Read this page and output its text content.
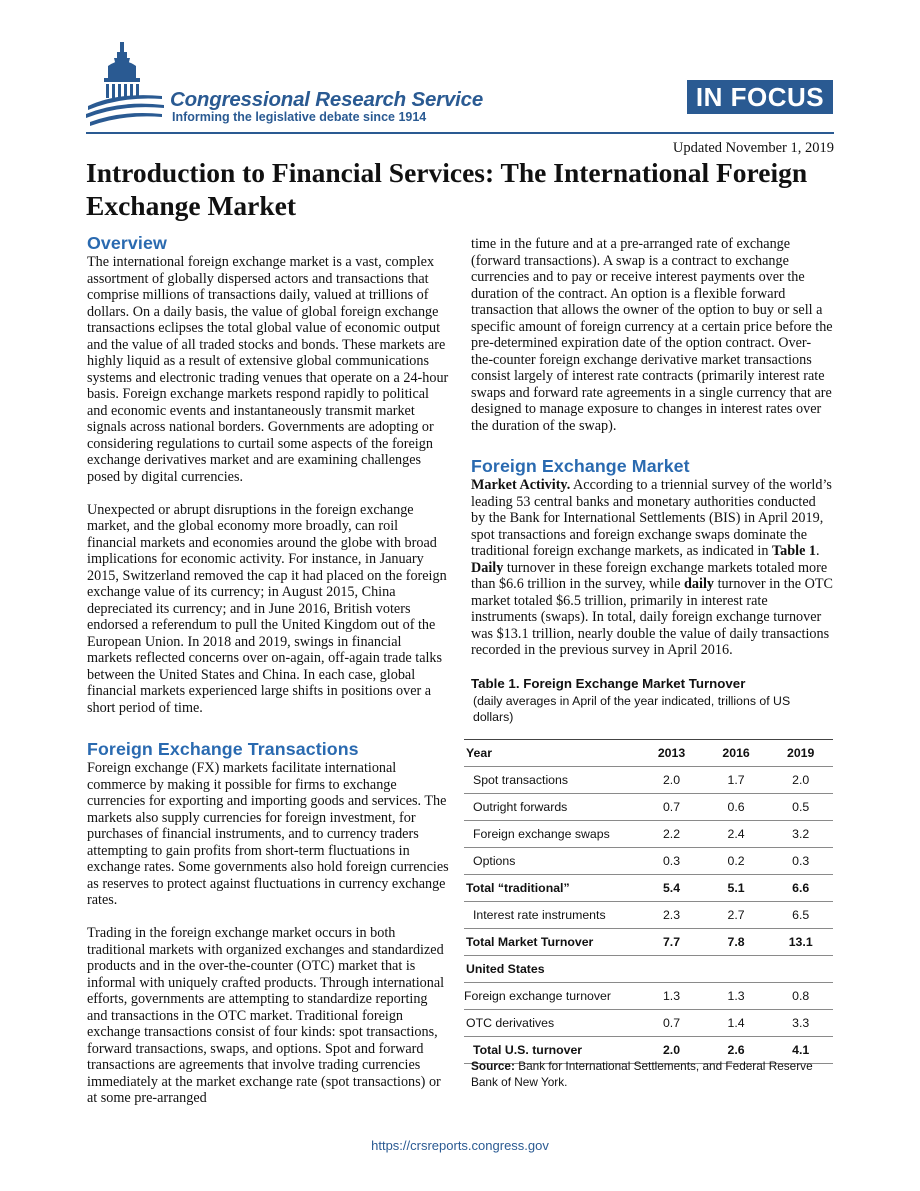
Congressional Research Service
Informing the legislative debate since 1914
IN FOCUS
Updated November 1, 2019
Introduction to Financial Services: The International Foreign Exchange Market
Overview

The international foreign exchange market is a vast, complex assortment of globally dispersed actors and transactions that comprise millions of transactions daily, valued at trillions of dollars. On a daily basis, the value of global foreign exchange transactions eclipses the total global value of economic output and the value of all traded stocks and bonds. These markets are highly liquid as a result of extensive global communications systems and electronic trading venues that operate on a 24-hour basis. Foreign exchange markets respond rapidly to political and economic events and instantaneously transmit market signals across national borders. Governments are adopting or considering regulations to curtail some aspects of the foreign exchange derivatives market and are examining challenges posed by digital currencies.

Unexpected or abrupt disruptions in the foreign exchange market, and the global economy more broadly, can roil financial markets and economies around the globe with broad implications for economic activity. For instance, in January 2015, Switzerland removed the cap it had placed on the foreign exchange value of its currency; in August 2015, China depreciated its currency; and in June 2016, British voters endorsed a referendum to pull the United Kingdom out of the European Union. In 2018 and 2019, swings in financial markets reflected concerns over on-again, off-again trade talks between the United States and China. In each case, global financial markets experienced large shifts in positions over a short period of time.

Foreign Exchange Transactions

Foreign exchange (FX) markets facilitate international commerce by making it possible for firms to exchange currencies for exporting and importing goods and services. The markets also supply currencies for foreign investment, for purchases of financial instruments, and to currency traders attempting to gain profits from short-term fluctuations in exchange rates. Some governments also hold foreign currencies as reserves to protect against fluctuations in currency exchange rates.

Trading in the foreign exchange market occurs in both traditional markets with organized exchanges and standardized products and in the over-the-counter (OTC) market that is informal with uniquely crafted products. Through international efforts, governments are attempting to standardize reporting and transactions in the OTC market. Traditional foreign exchange transactions consist of four kinds: spot transactions, forward transactions, swaps, and options. Spot and forward transactions are agreements that involve trading currencies immediately at the market exchange rate (spot transactions) or at some pre-arranged

time in the future and at a pre-arranged rate of exchange (forward transactions). A swap is a contract to exchange currencies and to pay or receive interest payments over the duration of the contract. An option is a flexible forward transaction that allows the owner of the option to buy or sell a specific amount of foreign currency at a certain price before the pre-determined expiration date of the option contract. Over-the-counter foreign exchange derivative market transactions consist largely of interest rate contracts (primarily interest rate swaps and forward rate agreements in a single currency that are designed to manage exposure to changes in interest rates over the duration of the swap).

Foreign Exchange Market

Market Activity. According to a triennial survey of the world’s leading 53 central banks and monetary authorities conducted by the Bank for International Settlements (BIS) in April 2019, spot transactions and foreign exchange swaps dominate the traditional foreign exchange markets, as indicated in Table 1. Daily turnover in these foreign exchange markets totaled more than $6.6 trillion in the survey, while daily turnover in the OTC market totaled $6.5 trillion, primarily in interest rate instruments (swaps). In total, daily foreign exchange turnover was $13.1 trillion, nearly double the value of daily transactions recorded in the previous survey in April 2016.

Table 1. Foreign Exchange Market Turnover
(daily averages in April of the year indicated, trillions of US dollars)
Year	2013	2016	2019
Spot transactions	2.0	1.7	2.0
Outright forwards	0.7	0.6	0.5
Foreign exchange swaps	2.2	2.4	3.2
Options	0.3	0.2	0.3
Total “traditional”	5.4	5.1	6.6
Interest rate instruments	2.3	2.7	6.5
Total Market Turnover	7.7	7.8	13.1
United States			
Foreign exchange turnover	1.3	1.3	0.8
OTC derivatives	0.7	1.4	3.3
Total U.S. turnover	2.0	2.6	4.1
Source: Bank for International Settlements, and Federal Reserve Bank of New York.
https://crsreports.congress.gov
